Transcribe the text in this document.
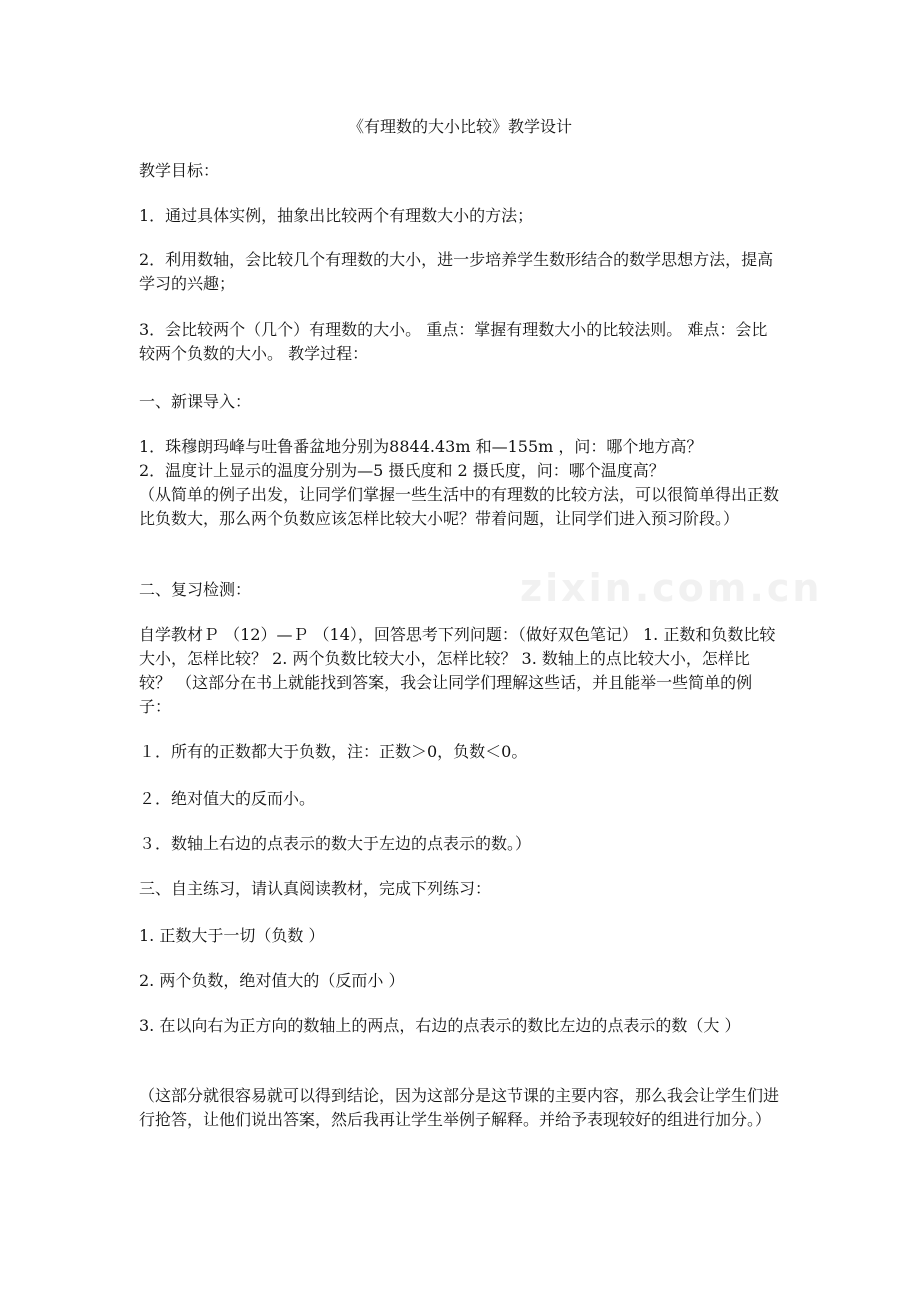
zixin.com.cn
《有理数的大小比较》教学设计

教学目标：

1．通过具体实例，抽象出比较两个有理数大小的方法；

2．利用数轴，会比较几个有理数的大小，进一步培养学生数形结合的数学思想方法，提高学习的兴趣；

3．会比较两个（几个）有理数的大小。 重点：掌握有理数大小的比较法则。 难点：会比较两个负数的大小。 教学过程：

一、新课导入：

1．珠穆朗玛峰与吐鲁番盆地分别为8844.43m 和—155m ，问：哪个地方高？

2．温度计上显示的温度分别为—5 摄氏度和 2 摄氏度，问：哪个温度高？

（从简单的例子出发，让同学们掌握一些生活中的有理数的比较方法，可以很简单得出正数比负数大，那么两个负数应该怎样比较大小呢？带着问题，让同学们进入预习阶段。）

二、复习检测：

自学教材Ｐ （12）—Ｐ （14），回答思考下列问题：（做好双色笔记） 1. 正数和负数比较大小，怎样比较？ 2. 两个负数比较大小，怎样比较？ 3. 数轴上的点比较大小，怎样比较？ （这部分在书上就能找到答案，我会让同学们理解这些话，并且能举一些简单的例子：

１．所有的正数都大于负数，注：正数＞0，负数＜0。

２．绝对值大的反而小。

３．数轴上右边的点表示的数大于左边的点表示的数。）

三、自主练习，请认真阅读教材，完成下列练习：

1. 正数大于一切（负数 ）

2. 两个负数，绝对值大的（反而小 ）

3. 在以向右为正方向的数轴上的两点，右边的点表示的数比左边的点表示的数（大 ）

（这部分就很容易就可以得到结论，因为这部分是这节课的主要内容，那么我会让学生们进行抢答，让他们说出答案，然后我再让学生举例子解释。并给予表现较好的组进行加分。）
